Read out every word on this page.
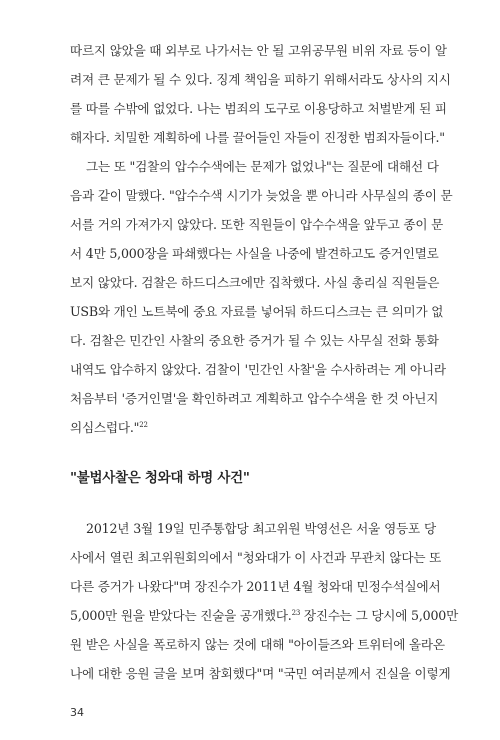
따르지 않았을 때 외부로 나가서는 안 될 고위공무원 비위 자료 등이 알
려져 큰 문제가 될 수 있다. 징계 책임을 피하기 위해서라도 상사의 지시
를 따를 수밖에 없었다. 나는 범죄의 도구로 이용당하고 처벌받게 된 피
해자다. 치밀한 계획하에 나를 끌어들인 자들이 진정한 범죄자들이다."
그는 또 "검찰의 압수수색에는 문제가 없었나"는 질문에 대해선 다
음과 같이 말했다. "압수수색 시기가 늦었을 뿐 아니라 사무실의 종이 문
서를 거의 가져가지 않았다. 또한 직원들이 압수수색을 앞두고 종이 문
서 4만 5,000장을 파쇄했다는 사실을 나중에 발견하고도 증거인멸로
보지 않았다. 검찰은 하드디스크에만 집착했다. 사실 총리실 직원들은
USB와 개인 노트북에 중요 자료를 넣어둬 하드디스크는 큰 의미가 없
다. 검찰은 민간인 사찰의 중요한 증거가 될 수 있는 사무실 전화 통화
내역도 압수하지 않았다. 검찰이 '민간인 사찰'을 수사하려는 게 아니라
처음부터 '증거인멸'을 확인하려고 계획하고 압수수색을 한 것 아닌지
의심스럽다."$^{22}$
"불법사찰은 청와대 하명 사건"
2012년 3월 19일 민주통합당 최고위원 박영선은 서울 영등포 당
사에서 열린 최고위원회의에서 "청와대가 이 사건과 무관치 않다는 또
다른 증거가 나왔다"며 장진수가 2011년 4월 청와대 민정수석실에서
5,000만 원을 받았다는 진술을 공개했다.$^{23}$ 장진수는 그 당시에 5,000만
원 받은 사실을 폭로하지 않는 것에 대해 "아이들즈와 트위터에 올라온
나에 대한 응원 글을 보며 참회했다"며 "국민 여러분께서 진실을 이렇게
34
